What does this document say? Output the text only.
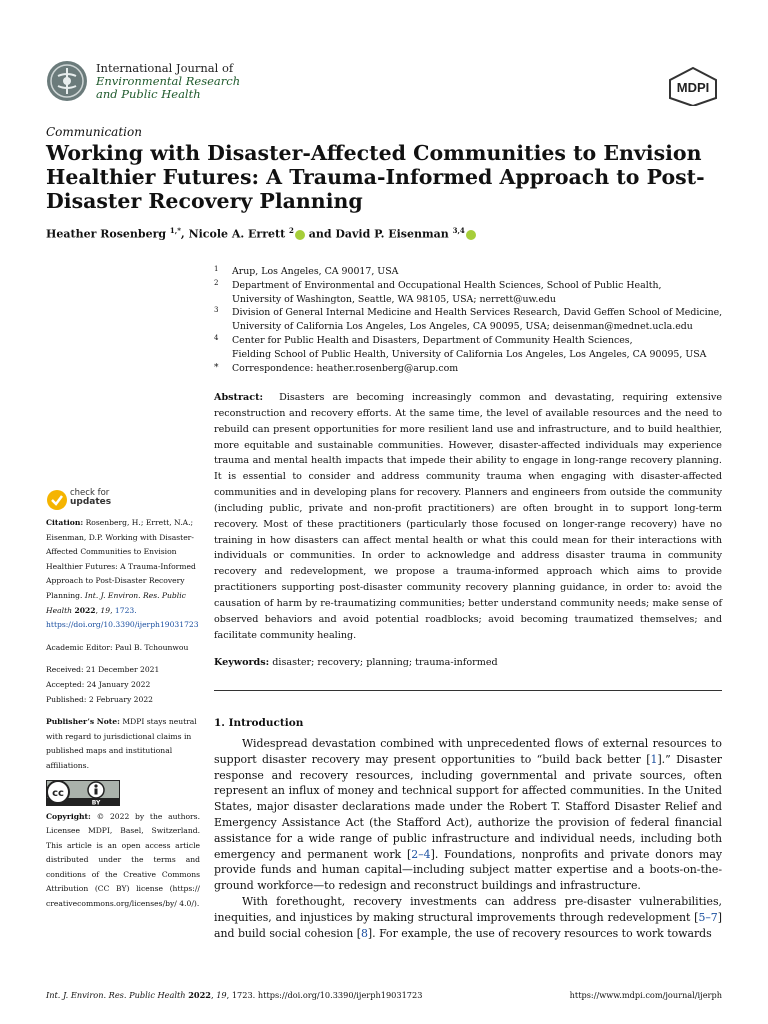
International Journal of
Environmental Research
and Public Health	MDPI
Communication
Working with Disaster-Affected Communities to Envision Healthier Futures: A Trauma-Informed Approach to Post-Disaster Recovery Planning
Heather Rosenberg $^{1,*}$, Nicole A. Errett $^2$ and David P. Eisenman $^{3,4}$
1 Arup, Los Angeles, CA 90017, USA
2 Department of Environmental and Occupational Health Sciences, School of Public Health,
University of Washington, Seattle, WA 98105, USA; nerrett@uw.edu
3 Division of General Internal Medicine and Health Services Research, David Geffen School of Medicine,
University of California Los Angeles, Los Angeles, CA 90095, USA; deisenman@mednet.ucla.edu
4 Center for Public Health and Disasters, Department of Community Health Sciences,
Fielding School of Public Health, University of California Los Angeles, Los Angeles, CA 90095, USA
* Correspondence: heather.rosenberg@arup.com
Abstract: Disasters are becoming increasingly common and devastating, requiring extensive reconstruction and recovery efforts. At the same time, the level of available resources and the need to rebuild can present opportunities for more resilient land use and infrastructure, and to build healthier, more equitable and sustainable communities. However, disaster-affected individuals may experience trauma and mental health impacts that impede their ability to engage in long-range recovery planning. It is essential to consider and address community trauma when engaging with disaster-affected communities and in developing plans for recovery. Planners and engineers from outside the community (including public, private and non-profit practitioners) are often brought in to support long-term recovery. Most of these practitioners (particularly those focused on longer-range recovery) have no training in how disasters can affect mental health or what this could mean for their interactions with individuals or communities. In order to acknowledge and address disaster trauma in community recovery and redevelopment, we propose a trauma-informed approach which aims to provide practitioners supporting post-disaster community recovery planning guidance, in order to: avoid the causation of harm by re-traumatizing communities; better understand community needs; make sense of observed behaviors and avoid potential roadblocks; avoid becoming traumatized themselves; and facilitate community healing.
Keywords: disaster; recovery; planning; trauma-informed
check for
updates

Citation: Rosenberg, H.; Errett, N.A.; Eisenman, D.P. Working with Disaster-Affected Communities to Envision Healthier Futures: A Trauma-Informed Approach to Post-Disaster Recovery Planning. Int. J. Environ. Res. Public Health 2022, 19, 1723. https://doi.org/10.3390/ijerph19031723

Academic Editor: Paul B. Tchounwou

Received: 21 December 2021

Accepted: 24 January 2022

Published: 2 February 2022

Publisher’s Note: MDPI stays neutral with regard to jurisdictional claims in published maps and institutional affiliations.

cc
BY

Copyright: © 2022 by the authors. Licensee MDPI, Basel, Switzerland. This article is an open access article distributed under the terms and conditions of the Creative Commons Attribution (CC BY) license (https:// creativecommons.org/licenses/by/ 4.0/).

1. Introduction

Widespread devastation combined with unprecedented flows of external resources to support disaster recovery may present opportunities to “build back better [1].” Disaster response and recovery resources, including governmental and private sources, often represent an influx of money and technical support for affected communities. In the United States, major disaster declarations made under the Robert T. Stafford Disaster Relief and Emergency Assistance Act (the Stafford Act), authorize the provision of federal financial assistance for a wide range of public infrastructure and individual needs, including both emergency and permanent work [2–4]. Foundations, nonprofits and private donors may provide funds and human capital—including subject matter expertise and a boots-on-the-ground workforce—to redesign and reconstruct buildings and infrastructure.

With forethought, recovery investments can address pre-disaster vulnerabilities, inequities, and injustices by making structural improvements through redevelopment [5–7] and build social cohesion [8]. For example, the use of recovery resources to work towards

Int. J. Environ. Res. Public Health 2022, 19, 1723. https://doi.org/10.3390/ijerph19031723	https://www.mdpi.com/journal/ijerph
